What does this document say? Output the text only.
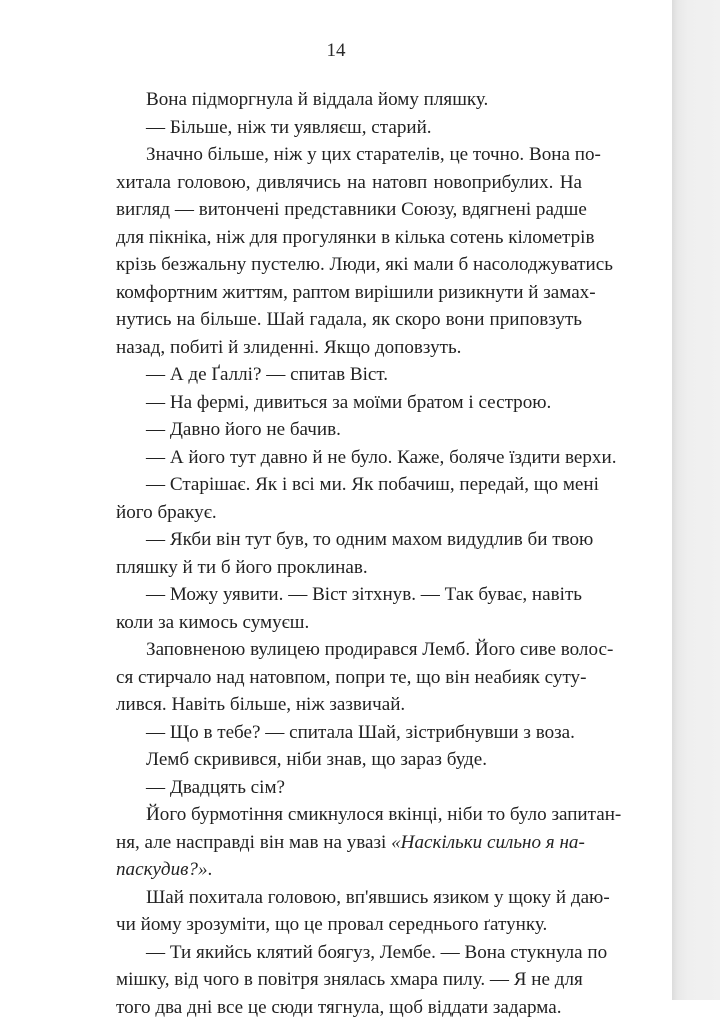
14
Вона підморгнула й віддала йому пляшку.
— Більше, ніж ти уявляєш, старий.
Значно більше, ніж у цих старателів, це точно. Вона по-
хитала головою, дивлячись на натовп новоприбулих. На
вигляд — витончені представники Союзу, вдягнені радше
для пікніка, ніж для прогулянки в кілька сотень кілометрів
крізь безжальну пустелю. Люди, які мали б насолоджуватись
комфортним життям, раптом вирішили ризикнути й замах-
нутись на більше. Шай гадала, як скоро вони приповзуть
назад, побиті й злиденні. Якщо доповзуть.
— А де Ґаллі? — спитав Віст.
— На фермі, дивиться за моїми братом і сестрою.
— Давно його не бачив.
— А його тут давно й не було. Каже, боляче їздити верхи.
— Старішає. Як і всі ми. Як побачиш, передай, що мені
його бракує.
— Якби він тут був, то одним махом видудлив би твою
пляшку й ти б його проклинав.
— Можу уявити. — Віст зітхнув. — Так буває, навіть
коли за кимось сумуєш.
Заповненою вулицею продирався Лемб. Його сиве волос-
ся стирчало над натовпом, попри те, що він неабияк суту-
лився. Навіть більше, ніж зазвичай.
— Що в тебе? — спитала Шай, зістрибнувши з воза.
Лемб скривився, ніби знав, що зараз буде.
— Двадцять сім?
Його бурмотіння смикнулося вкінці, ніби то було запитан-
ня, але насправді він мав на увазі «Наскільки сильно я на-
паскудив?».
Шай похитала головою, вп'явшись язиком у щоку й даю-
чи йому зрозуміти, що це провал середнього ґатунку.
— Ти якийсь клятий боягуз, Лембе. — Вона стукнула по
мішку, від чого в повітря знялась хмара пилу. — Я не для
того два дні все це сюди тягнула, щоб віддати задарма.
